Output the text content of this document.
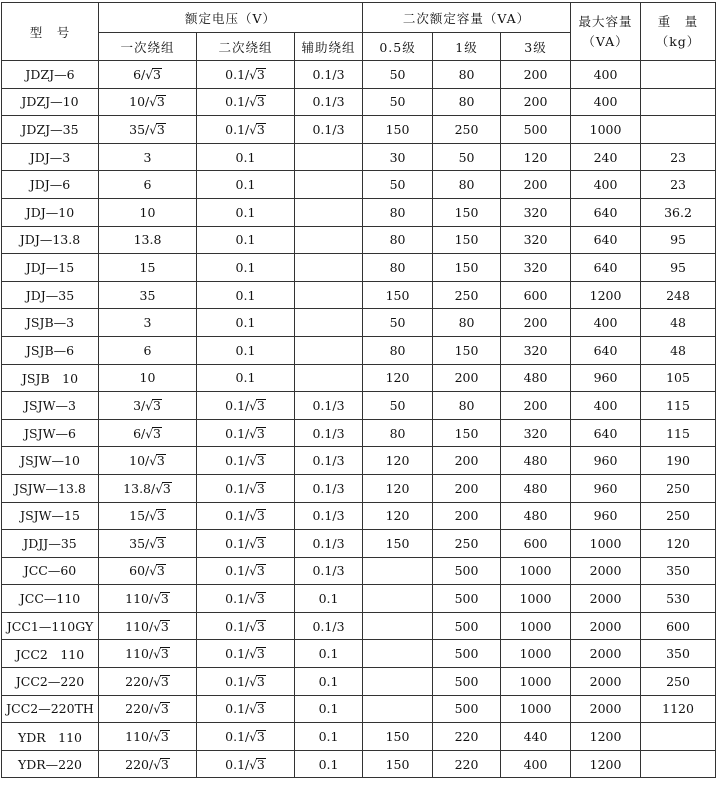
型　号	额定电压（V）			二次额定容量（VA）			最大容量
（VA）	重　量
（kg）
	一次绕组	二次绕组	辅助绕组	0.5级	1级	3级		
JDZJ—6	6/√3	0.1/√3	0.1/3	50	80	200	400	
JDZJ—10	10/√3	0.1/√3	0.1/3	50	80	200	400	
JDZJ—35	35/√3	0.1/√3	0.1/3	150	250	500	1000	
JDJ—3	3	0.1		30	50	120	240	23
JDJ—6	6	0.1		50	80	200	400	23
JDJ—10	10	0.1		80	150	320	640	36.2
JDJ—13.8	13.8	0.1		80	150	320	640	95
JDJ—15	15	0.1		80	150	320	640	95
JDJ—35	35	0.1		150	250	600	1200	248
JSJB—3	3	0.1		50	80	200	400	48
JSJB—6	6	0.1		80	150	320	640	48
JSJB　10	10	0.1		120	200	480	960	105
JSJW—3	3/√3	0.1/√3	0.1/3	50	80	200	400	115
JSJW—6	6/√3	0.1/√3	0.1/3	80	150	320	640	115
JSJW—10	10/√3	0.1/√3	0.1/3	120	200	480	960	190
JSJW—13.8	13.8/√3	0.1/√3	0.1/3	120	200	480	960	250
JSJW—15	15/√3	0.1/√3	0.1/3	120	200	480	960	250
JDJJ—35	35/√3	0.1/√3	0.1/3	150	250	600	1000	120
JCC—60	60/√3	0.1/√3	0.1/3		500	1000	2000	350
JCC—110	110/√3	0.1/√3	0.1		500	1000	2000	530
JCC1—110GY	110/√3	0.1/√3	0.1/3		500	1000	2000	600
JCC2　110	110/√3	0.1/√3	0.1		500	1000	2000	350
JCC2—220	220/√3	0.1/√3	0.1		500	1000	2000	250
JCC2—220TH	220/√3	0.1/√3	0.1		500	1000	2000	1120
YDR　110	110/√3	0.1/√3	0.1	150	220	440	1200	
YDR—220	220/√3	0.1/√3	0.1	150	220	400	1200	
